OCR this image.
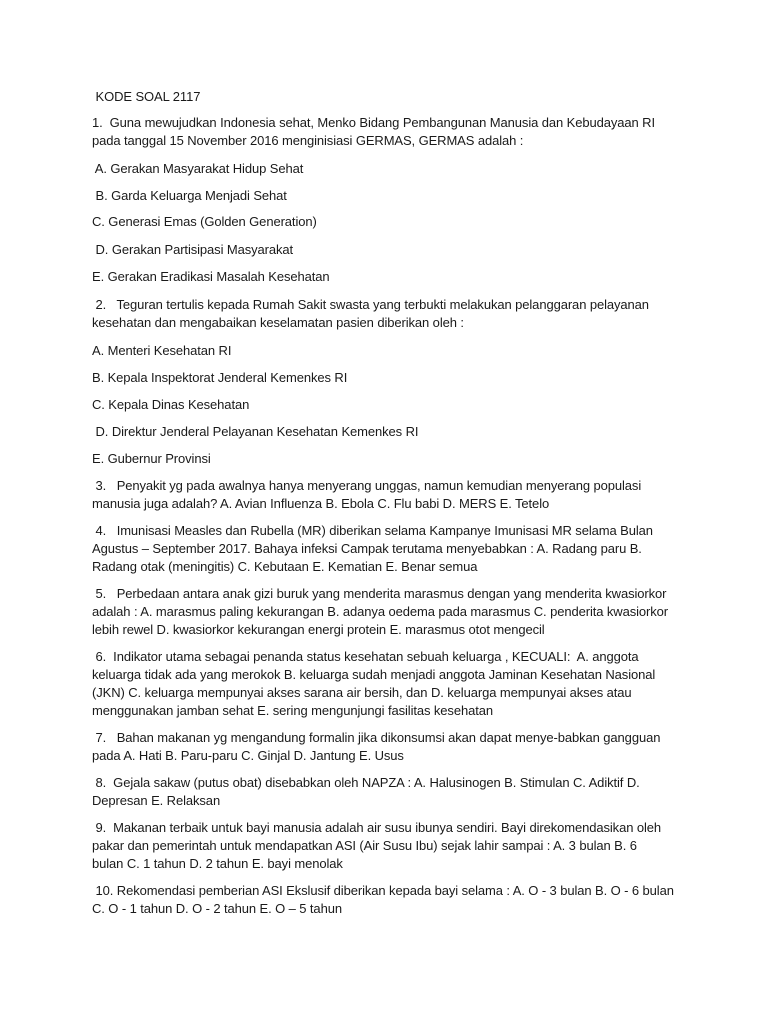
KODE SOAL 2117
1.  Guna mewujudkan Indonesia sehat, Menko Bidang Pembangunan Manusia dan Kebudayaan RI
pada tanggal 15 November 2016 menginisiasi GERMAS, GERMAS adalah :
A. Gerakan Masyarakat Hidup Sehat
B. Garda Keluarga Menjadi Sehat
C. Generasi Emas (Golden Generation)
D. Gerakan Partisipasi Masyarakat
E. Gerakan Eradikasi Masalah Kesehatan
2.   Teguran tertulis kepada Rumah Sakit swasta yang terbukti melakukan pelanggaran pelayanan
kesehatan dan mengabaikan keselamatan pasien diberikan oleh :
A. Menteri Kesehatan RI
B. Kepala Inspektorat Jenderal Kemenkes RI
C. Kepala Dinas Kesehatan
D. Direktur Jenderal Pelayanan Kesehatan Kemenkes RI
E. Gubernur Provinsi
3.   Penyakit yg pada awalnya hanya menyerang unggas, namun kemudian menyerang populasi
manusia juga adalah? A. Avian Influenza B. Ebola C. Flu babi D. MERS E. Tetelo
4.   Imunisasi Measles dan Rubella (MR) diberikan selama Kampanye Imunisasi MR selama Bulan
Agustus – September 2017. Bahaya infeksi Campak terutama menyebabkan : A. Radang paru B.
Radang otak (meningitis) C. Kebutaan E. Kematian E. Benar semua
5.   Perbedaan antara anak gizi buruk yang menderita marasmus dengan yang menderita kwasiorkor
adalah : A. marasmus paling kekurangan B. adanya oedema pada marasmus C. penderita kwasiorkor
lebih rewel D. kwasiorkor kekurangan energi protein E. marasmus otot mengecil
6.  Indikator utama sebagai penanda status kesehatan sebuah keluarga , KECUALI:  A. anggota
keluarga tidak ada yang merokok B. keluarga sudah menjadi anggota Jaminan Kesehatan Nasional
(JKN) C. keluarga mempunyai akses sarana air bersih, dan D. keluarga mempunyai akses atau
menggunakan jamban sehat E. sering mengunjungi fasilitas kesehatan
7.   Bahan makanan yg mengandung formalin jika dikonsumsi akan dapat menye-babkan gangguan
pada A. Hati B. Paru-paru C. Ginjal D. Jantung E. Usus
8.  Gejala sakaw (putus obat) disebabkan oleh NAPZA : A. Halusinogen B. Stimulan C. Adiktif D.
Depresan E. Relaksan
9.  Makanan terbaik untuk bayi manusia adalah air susu ibunya sendiri. Bayi direkomendasikan oleh
pakar dan pemerintah untuk mendapatkan ASI (Air Susu Ibu) sejak lahir sampai : A. 3 bulan B. 6
bulan C. 1 tahun D. 2 tahun E. bayi menolak
10. Rekomendasi pemberian ASI Ekslusif diberikan kepada bayi selama : A. O - 3 bulan B. O - 6 bulan
C. O - 1 tahun D. O - 2 tahun E. O – 5 tahun
